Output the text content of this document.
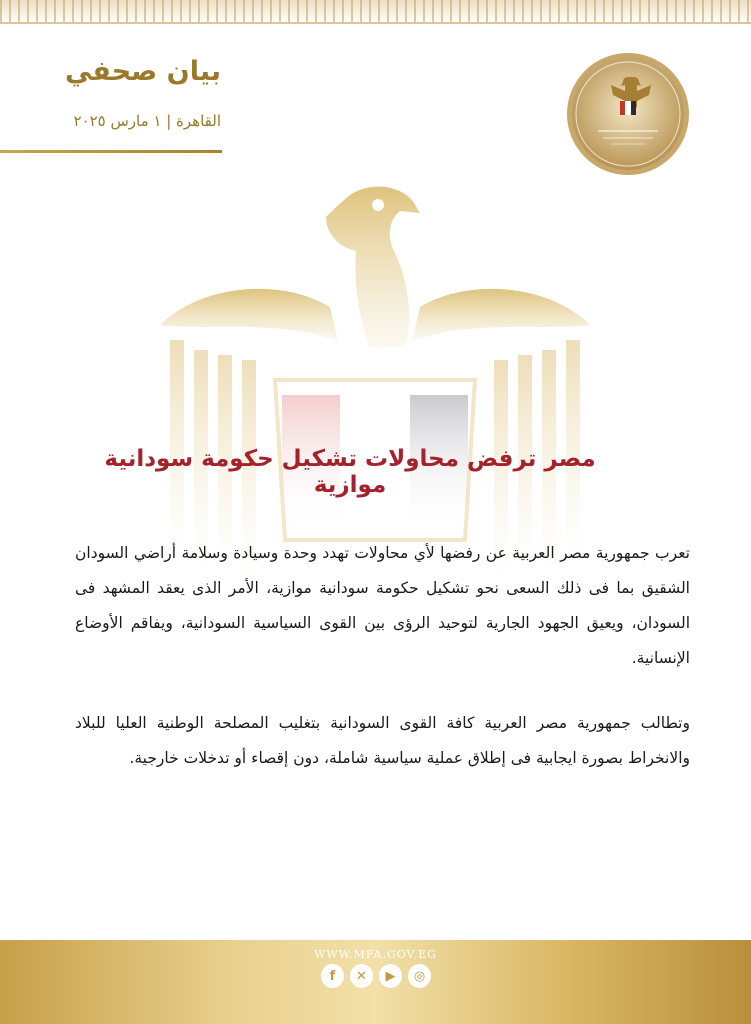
بيان صحفي
القاهرة | ١ مارس ٢٠٢٥
مصر ترفض محاولات تشكيل حكومة سودانية موازية
تعرب جمهورية مصر العربية عن رفضها لأي محاولات تهدد وحدة وسيادة وسلامة أراضي السودان الشقيق بما فى ذلك السعى نحو تشكيل حكومة سودانية موازية، الأمر الذى يعقد المشهد فى السودان، ويعيق الجهود الجارية لتوحيد الرؤى بين القوى السياسية السودانية، ويفاقم الأوضاع الإنسانية.
وتطالب جمهورية مصر العربية كافة القوى السودانية بتغليب المصلحة الوطنية العليا للبلاد والانخراط بصورة ايجابية فى إطلاق عملية سياسية شاملة، دون إقصاء أو تدخلات خارجية.
WWW.MFA.GOV.EG
f	✕	▶	◎
